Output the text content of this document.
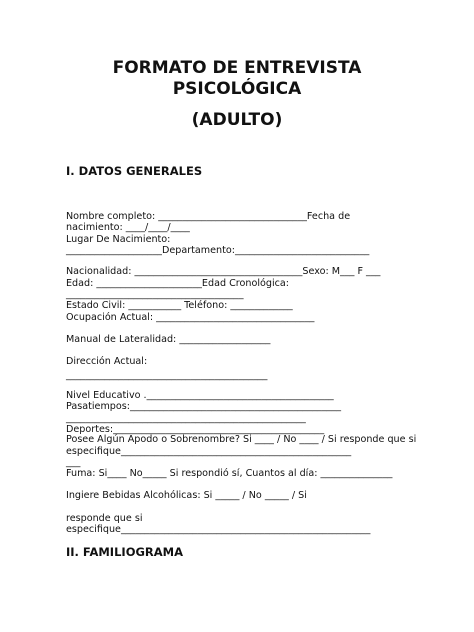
FORMATO DE ENTREVISTA
PSICOLÓGICA
(ADULTO)
I. DATOS GENERALES
Nombre completo: _______________________________Fecha de
nacimiento: ____/____/____
Lugar De Nacimiento:
____________________Departamento:____________________________
Nacionalidad: ___________________________________Sexo: M___ F ___
Edad: ______________________Edad Cronológica:
_____________________________________
Estado Civil: ___________ Teléfono: _____________
Ocupación Actual: _________________________________
Manual de Lateralidad: ___________________
Dirección Actual:
__________________________________________
Nivel Educativo ._______________________________________
Pasatiempos:____________________________________________
__________________________________________________
Deportes:____________________________________________
Posee Algún Apodo o Sobrenombre? Si ____ / No ____ / Si responde que si
especifique________________________________________________
___
Fuma: Si____ No_____ Si respondió sí, Cuantos al día: _______________
Ingiere Bebidas Alcohólicas: Si _____ / No _____ / Si
responde que si
especifique____________________________________________________
II. FAMILIOGRAMA
